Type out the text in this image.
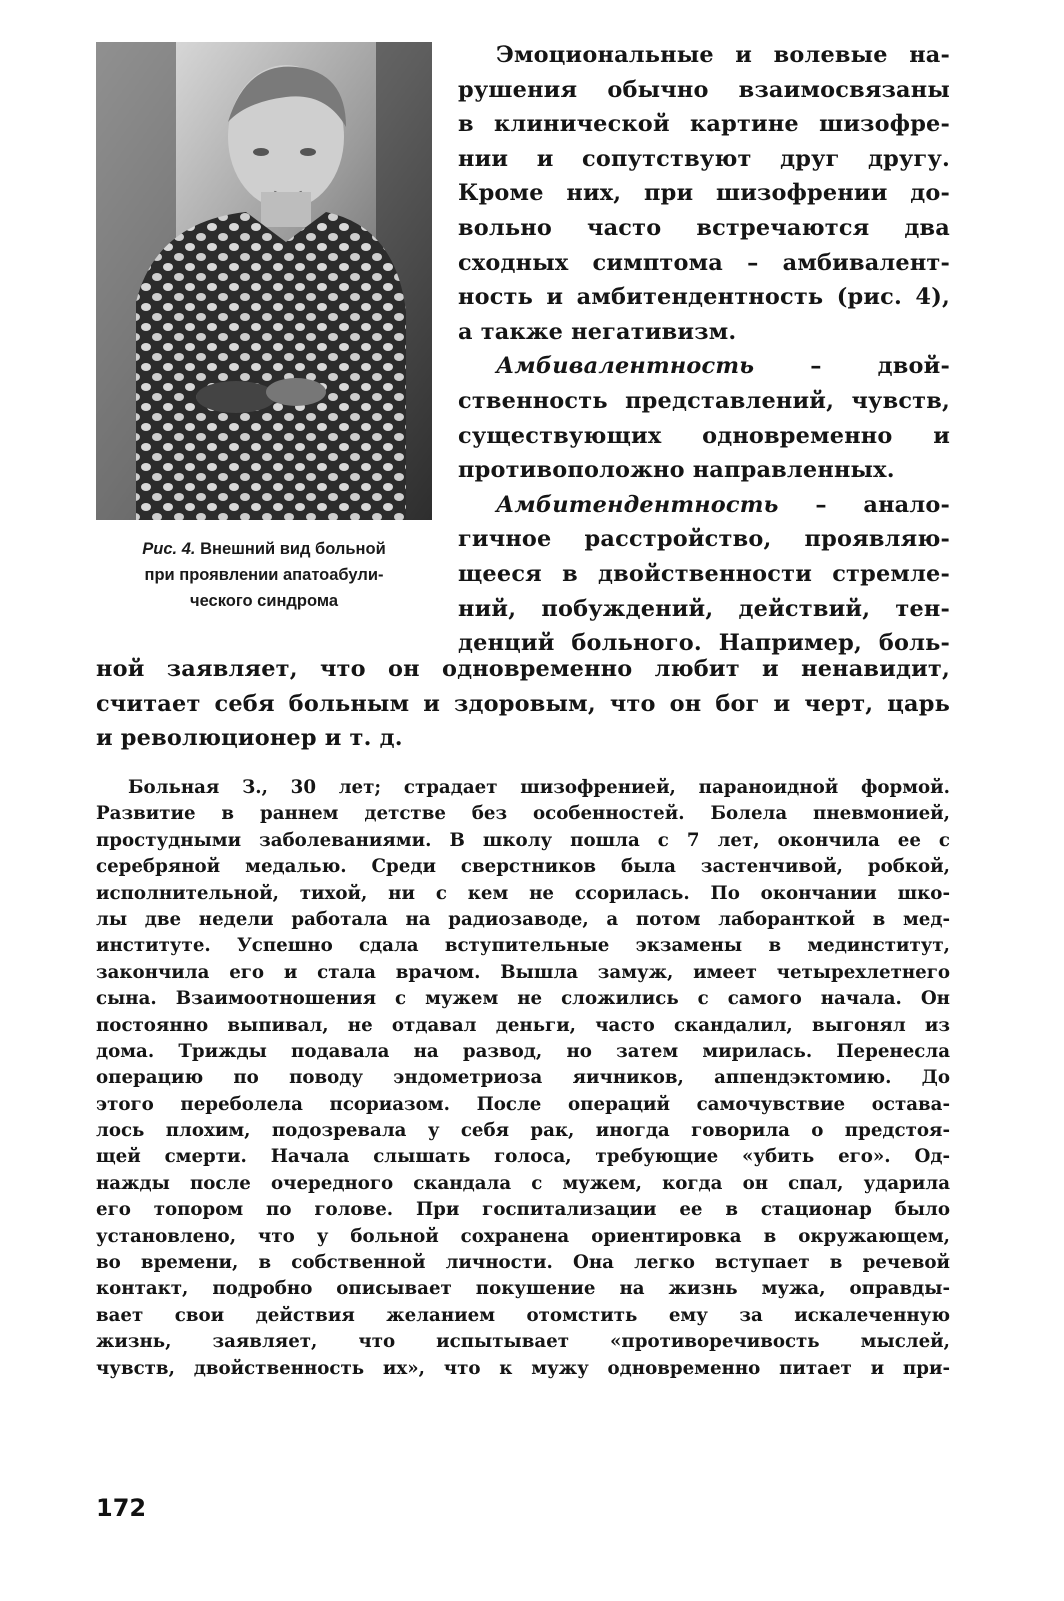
Рис. 4. Внешний вид больной
при проявлении апатоабули-
ческого синдрома
Эмоциональные и волевые на-
рушения обычно взаимосвязаны
в клинической картине шизофре-
нии и сопутствуют друг другу.
Кроме них, при шизофрении до-
вольно часто встречаются два
сходных симптома – амбивалент-
ность и амбитендентность (рис. 4),
а также негативизм.
Амбивалентность	– двой-
ственность представлений, чувств,
существующих одновременно и
противоположно направленных.
Амбитендентность – анало-
гичное расстройство, проявляю-
щееся в двойственности стремле-
ний, побуждений, действий, тен-
денций больного. Например, боль-
ной заявляет, что он одновременно любит и ненавидит,
считает себя больным и здоровым, что он бог и черт, царь
и революционер и т. д.
Больная З., 30 лет; страдает шизофренией, параноидной формой.
Развитие в раннем детстве без особенностей. Болела пневмонией,
простудными заболеваниями. В школу пошла с 7 лет, окончила ее с
серебряной медалью. Среди сверстников была застенчивой, робкой,
исполнительной, тихой, ни с кем не ссорилась. По окончании шко-
лы две недели работала на радиозаводе, а потом лаборанткой в мед-
институте. Успешно сдала вступительные экзамены в мединститут,
закончила его и стала врачом. Вышла замуж, имеет четырехлетнего
сына. Взаимоотношения с мужем не сложились с самого начала. Он
постоянно выпивал, не отдавал деньги, часто скандалил, выгонял из
дома. Трижды подавала на развод, но затем мирилась. Перенесла
операцию по поводу эндометриоза яичников, аппендэктомию. До
этого переболела псориазом. После операций самочувствие остава-
лось плохим, подозревала у себя рак, иногда говорила о предстоя-
щей смерти. Начала слышать голоса, требующие «убить его». Од-
нажды после очередного скандала с мужем, когда он спал, ударила
его топором по голове. При госпитализации ее в стационар было
установлено, что у больной сохранена ориентировка в окружающем,
во времени, в собственной личности. Она легко вступает в речевой
контакт, подробно описывает покушение на жизнь мужа, оправды-
вает свои действия желанием отомстить ему за искалеченную
жизнь, заявляет, что испытывает «противоречивость мыслей,
чувств, двойственность их», что к мужу одновременно питает и при-
172
